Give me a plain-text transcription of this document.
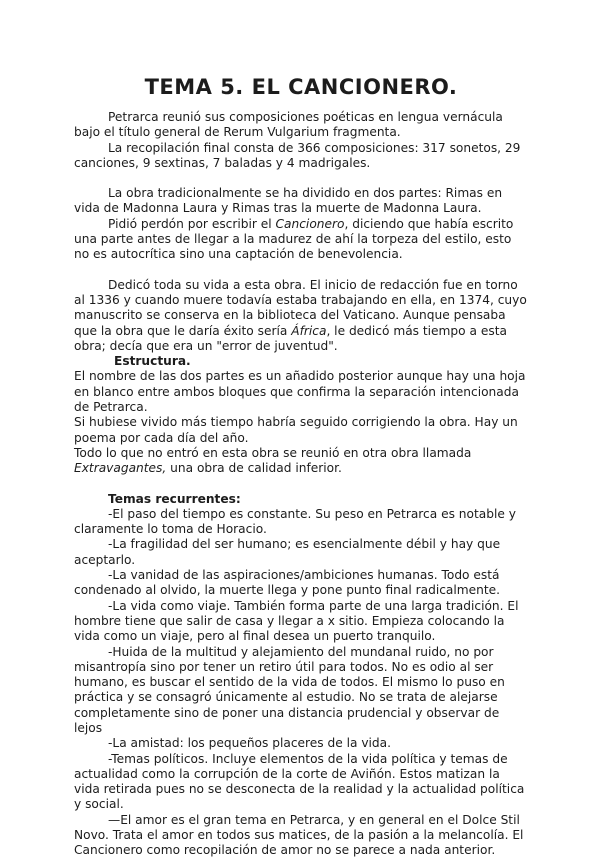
TEMA 5. EL CANCIONERO.

Petrarca reunió sus composiciones poéticas en lengua vernácula bajo el título general de Rerum Vulgarium fragmenta.

La recopilación final consta de 366 composiciones: 317 sonetos, 29 canciones, 9 sextinas, 7 baladas y 4 madrigales.

La obra tradicionalmente se ha dividido en dos partes: Rimas en vida de Madonna Laura y Rimas tras la muerte de Madonna Laura.

Pidió perdón por escribir el Cancionero, diciendo que había escrito una parte antes de llegar a la madurez de ahí la torpeza del estilo, esto no es autocrítica sino una captación de benevolencia.

Dedicó toda su vida a esta obra. El inicio de redacción fue en torno al 1336 y cuando muere todavía estaba trabajando en ella, en 1374, cuyo manuscrito se conserva en la biblioteca del Vaticano. Aunque pensaba que la obra que le daría éxito sería África, le dedicó más tiempo a esta obra; decía que era un "error de juventud".

Estructura.

El nombre de las dos partes es un añadido posterior aunque hay una hoja en blanco entre ambos bloques que confirma la separación intencionada de Petrarca.

Si hubiese vivido más tiempo habría seguido corrigiendo la obra. Hay un poema por cada día del año.

Todo lo que no entró en esta obra se reunió en otra obra llamada Extravagantes, una obra de calidad inferior.

Temas recurrentes:

-El paso del tiempo es constante. Su peso en Petrarca es notable y claramente lo toma de Horacio.

-La fragilidad del ser humano; es esencialmente débil y hay que aceptarlo.

-La vanidad de las aspiraciones/ambiciones humanas. Todo está condenado al olvido, la muerte llega y pone punto final radicalmente.

-La vida como viaje. También forma parte de una larga tradición. El hombre tiene que salir de casa y llegar a x sitio. Empieza colocando la vida como un viaje, pero al final desea un puerto tranquilo.

-Huida de la multitud y alejamiento del mundanal ruido, no por misantropía sino por tener un retiro útil para todos. No es odio al ser humano, es buscar el sentido de la vida de todos. El mismo lo puso en práctica y se consagró únicamente al estudio. No se trata de alejarse completamente sino de poner una distancia prudencial y observar de lejos

-La amistad: los pequeños placeres de la vida.

-Temas políticos. Incluye elementos de la vida política y temas de actualidad como la corrupción de la corte de Aviñón. Estos matizan la vida retirada pues no se desconecta de la realidad y la actualidad política y social.

—El amor es el gran tema en Petrarca, y en general en el Dolce Stil Novo. Trata el amor en todos sus matices, de la pasión a la melancolía. El Cancionero como recopilación de amor no se parece a nada anterior.
